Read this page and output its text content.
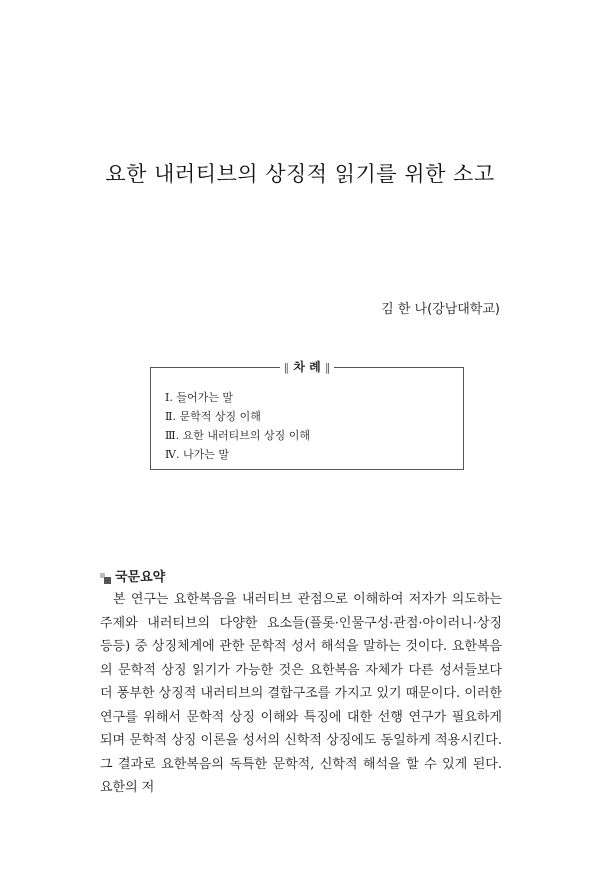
요한 내러티브의 상징적 읽기를 위한 소고
김 한 나(강남대학교)
‖ 차 례 ‖
Ⅰ. 들어가는 말
Ⅱ. 문학적 상징 이해
Ⅲ. 요한 내러티브의 상징 이해
Ⅳ. 나가는 말
국문요약

본 연구는 요한복음을 내러티브 관점으로 이해하여 저자가 의도하는 주제와 내러티브의 다양한 요소들(플롯·인물구성·관점·아이러니·상징 등등) 중 상징체계에 관한 문학적 성서 해석을 말하는 것이다. 요한복음의 문학적 상징 읽기가 가능한 것은 요한복음 자체가 다른 성서들보다 더 풍부한 상징적 내러티브의 결합구조를 가지고 있기 때문이다. 이러한 연구를 위해서 문학적 상징 이해와 특징에 대한 선행 연구가 필요하게 되며 문학적 상징 이론을 성서의 신학적 상징에도 동일하게 적용시킨다. 그 결과로 요한복음의 독특한 문학적, 신학적 해석을 할 수 있게 된다. 요한의 저
